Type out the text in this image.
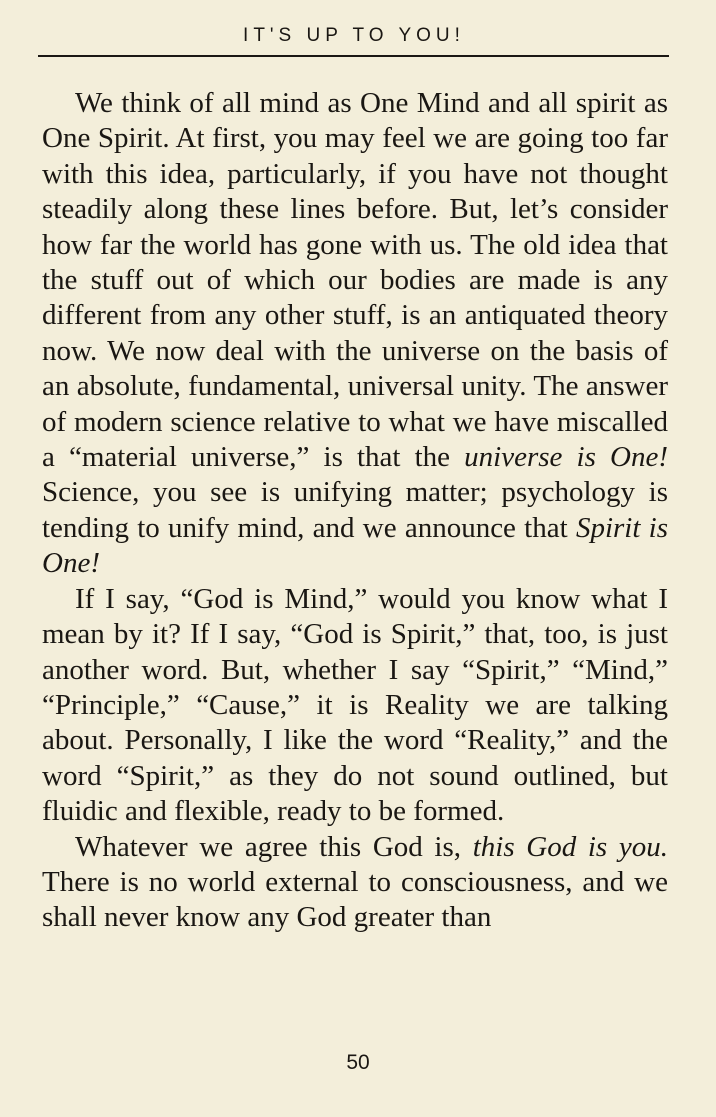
IT'S UP TO YOU!

We think of all mind as One Mind and all spirit as One Spirit. At first, you may feel we are going too far with this idea, particularly, if you have not thought steadily along these lines before. But, let’s consider how far the world has gone with us. The old idea that the stuff out of which our bodies are made is any different from any other stuff, is an antiquated theory now. We now deal with the universe on the basis of an absolute, fundamental, universal unity. The answer of modern science relative to what we have miscalled a “material universe,” is that the universe is One! Science, you see is unifying matter; psychology is tending to unify mind, and we announce that Spirit is One!

If I say, “God is Mind,” would you know what I mean by it? If I say, “God is Spirit,” that, too, is just another word. But, whether I say “Spirit,” “Mind,” “Principle,” “Cause,” it is Reality we are talking about. Personally, I like the word “Reality,” and the word “Spirit,” as they do not sound outlined, but fluidic and flexible, ready to be formed.

Whatever we agree this God is, this God is you. There is no world external to consciousness, and we shall never know any God greater than

50
